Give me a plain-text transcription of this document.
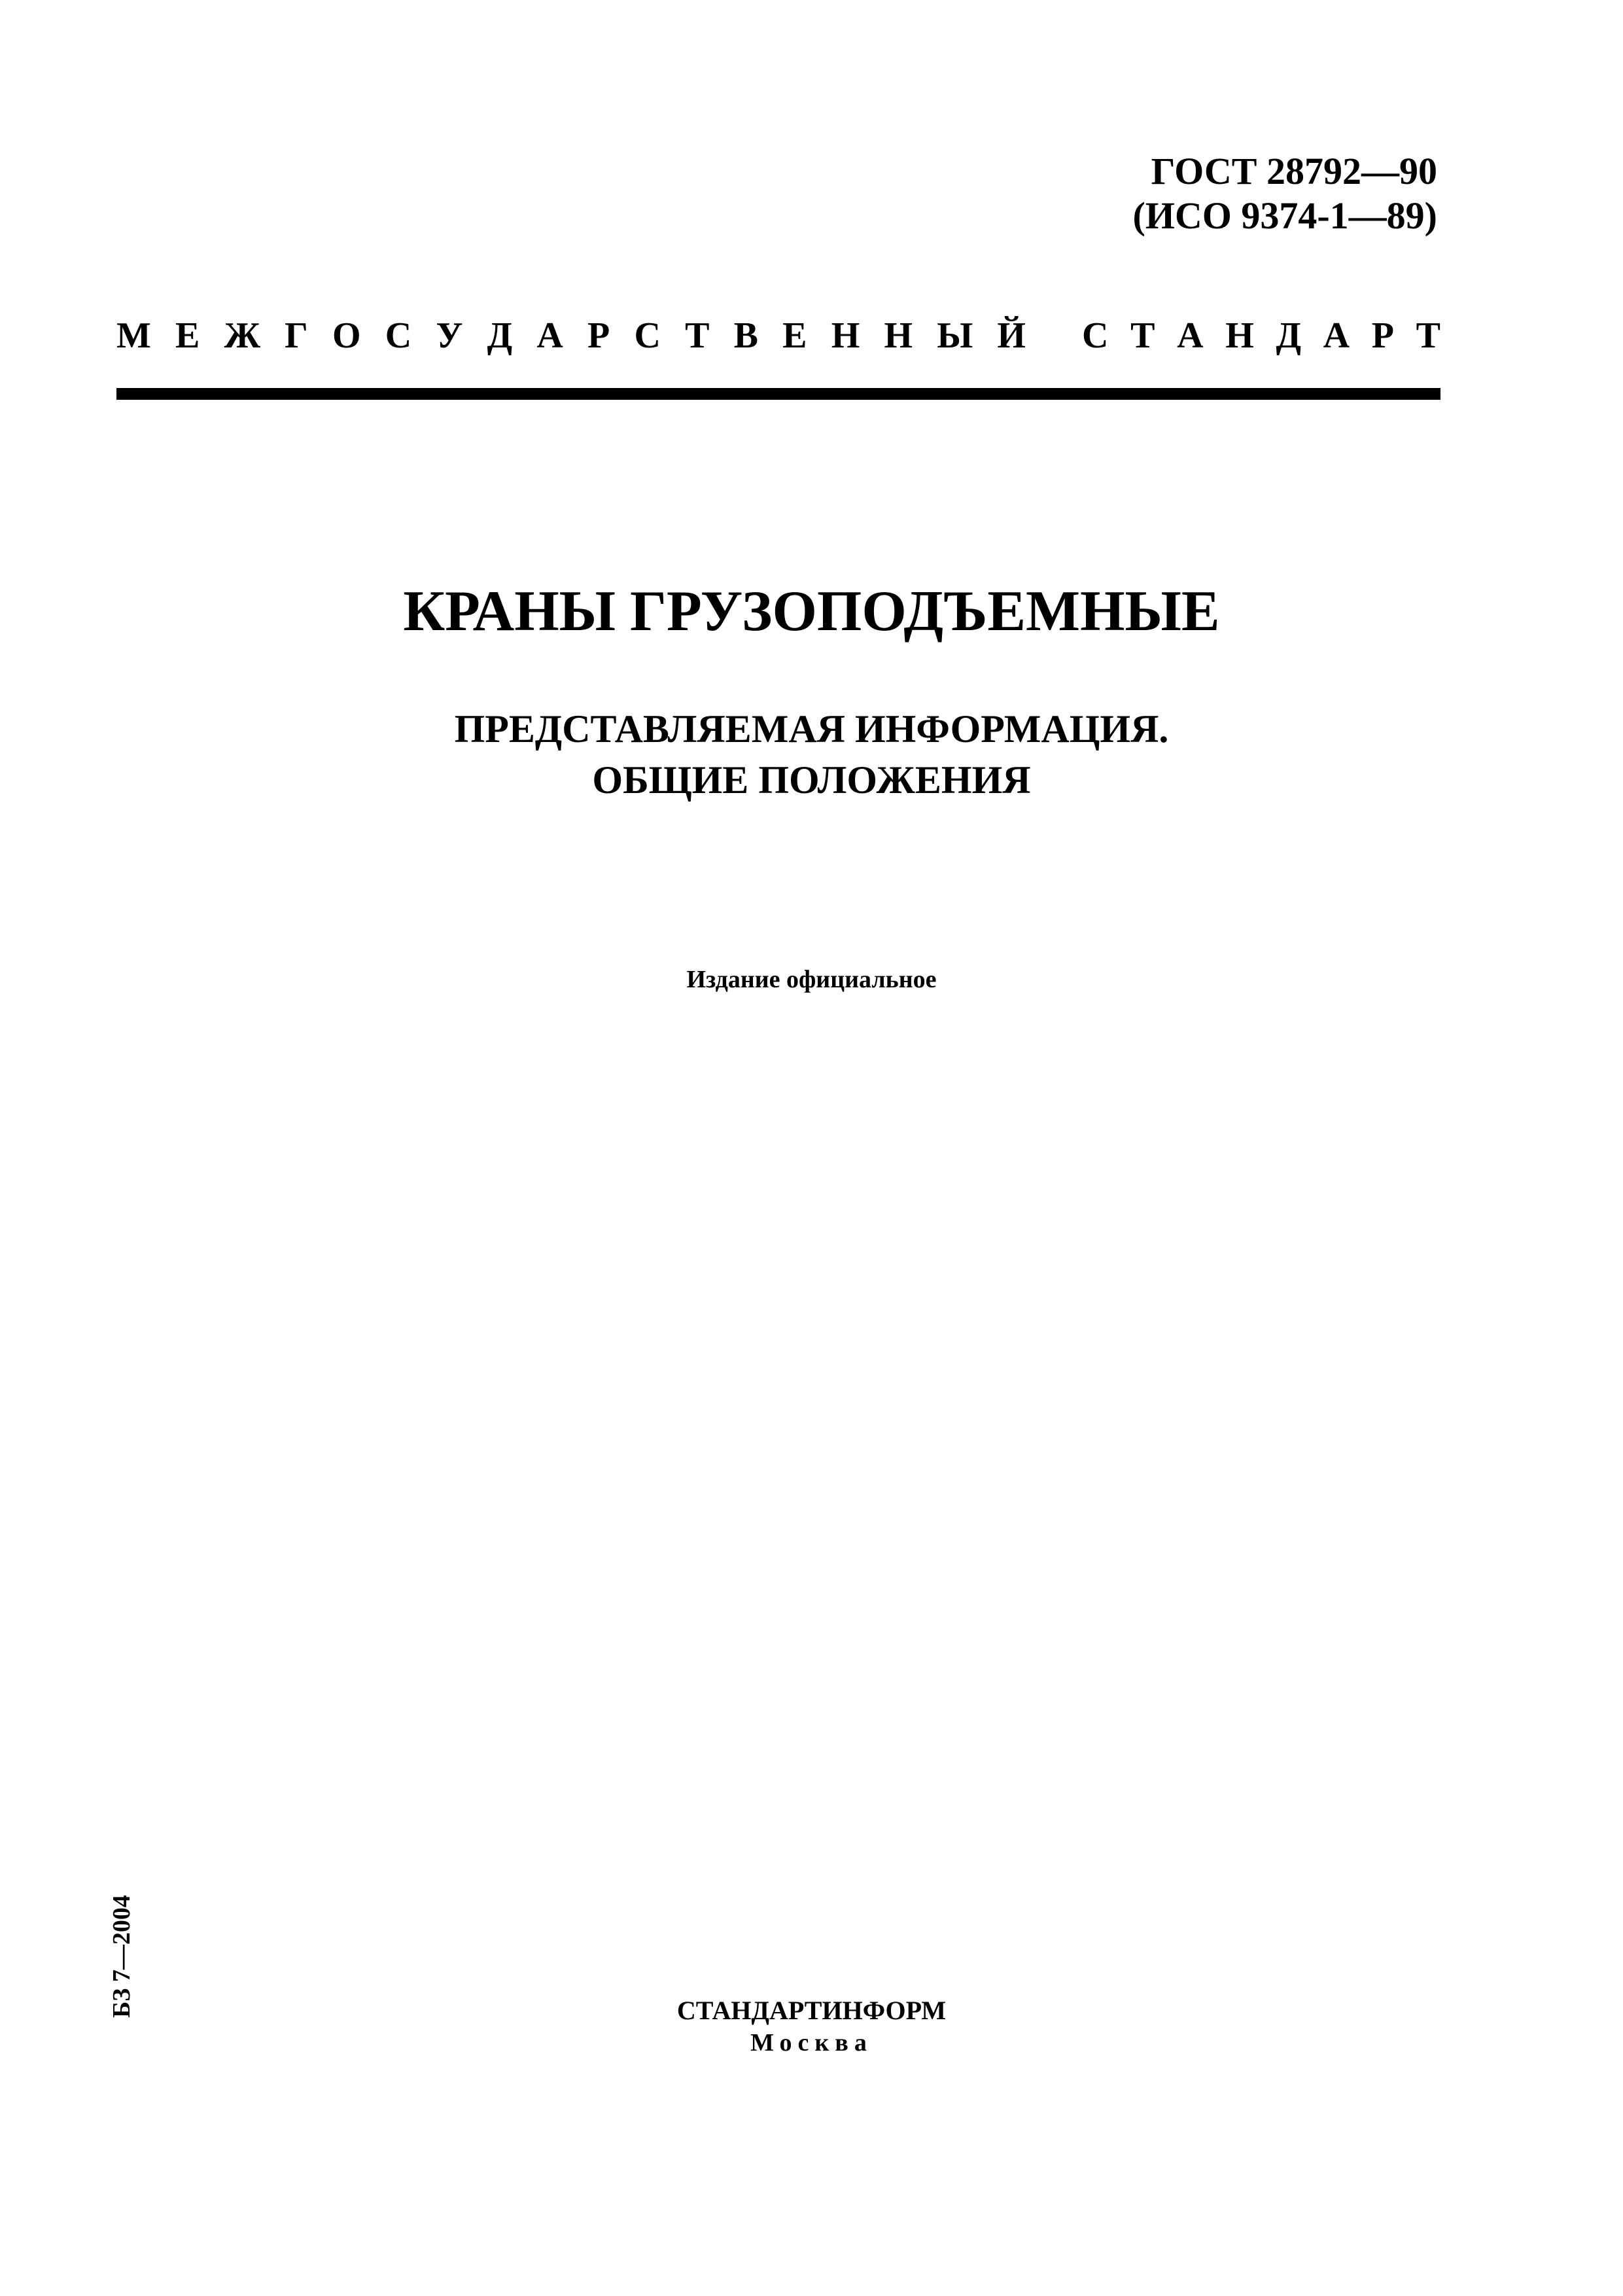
ГОСТ 28792—90
(ИСО 9374-1—89)
М Е Ж Г О С У Д А Р С Т В Е Н Н Ы Й С Т А Н Д А Р Т
КРАНЫ ГРУЗОПОДЪЕМНЫЕ
ПРЕДСТАВЛЯЕМАЯ ИНФОРМАЦИЯ.
ОБЩИЕ ПОЛОЖЕНИЯ
Издание официальное
БЗ 7—2004	СТАНДАРТИНФОРМ
Москва
